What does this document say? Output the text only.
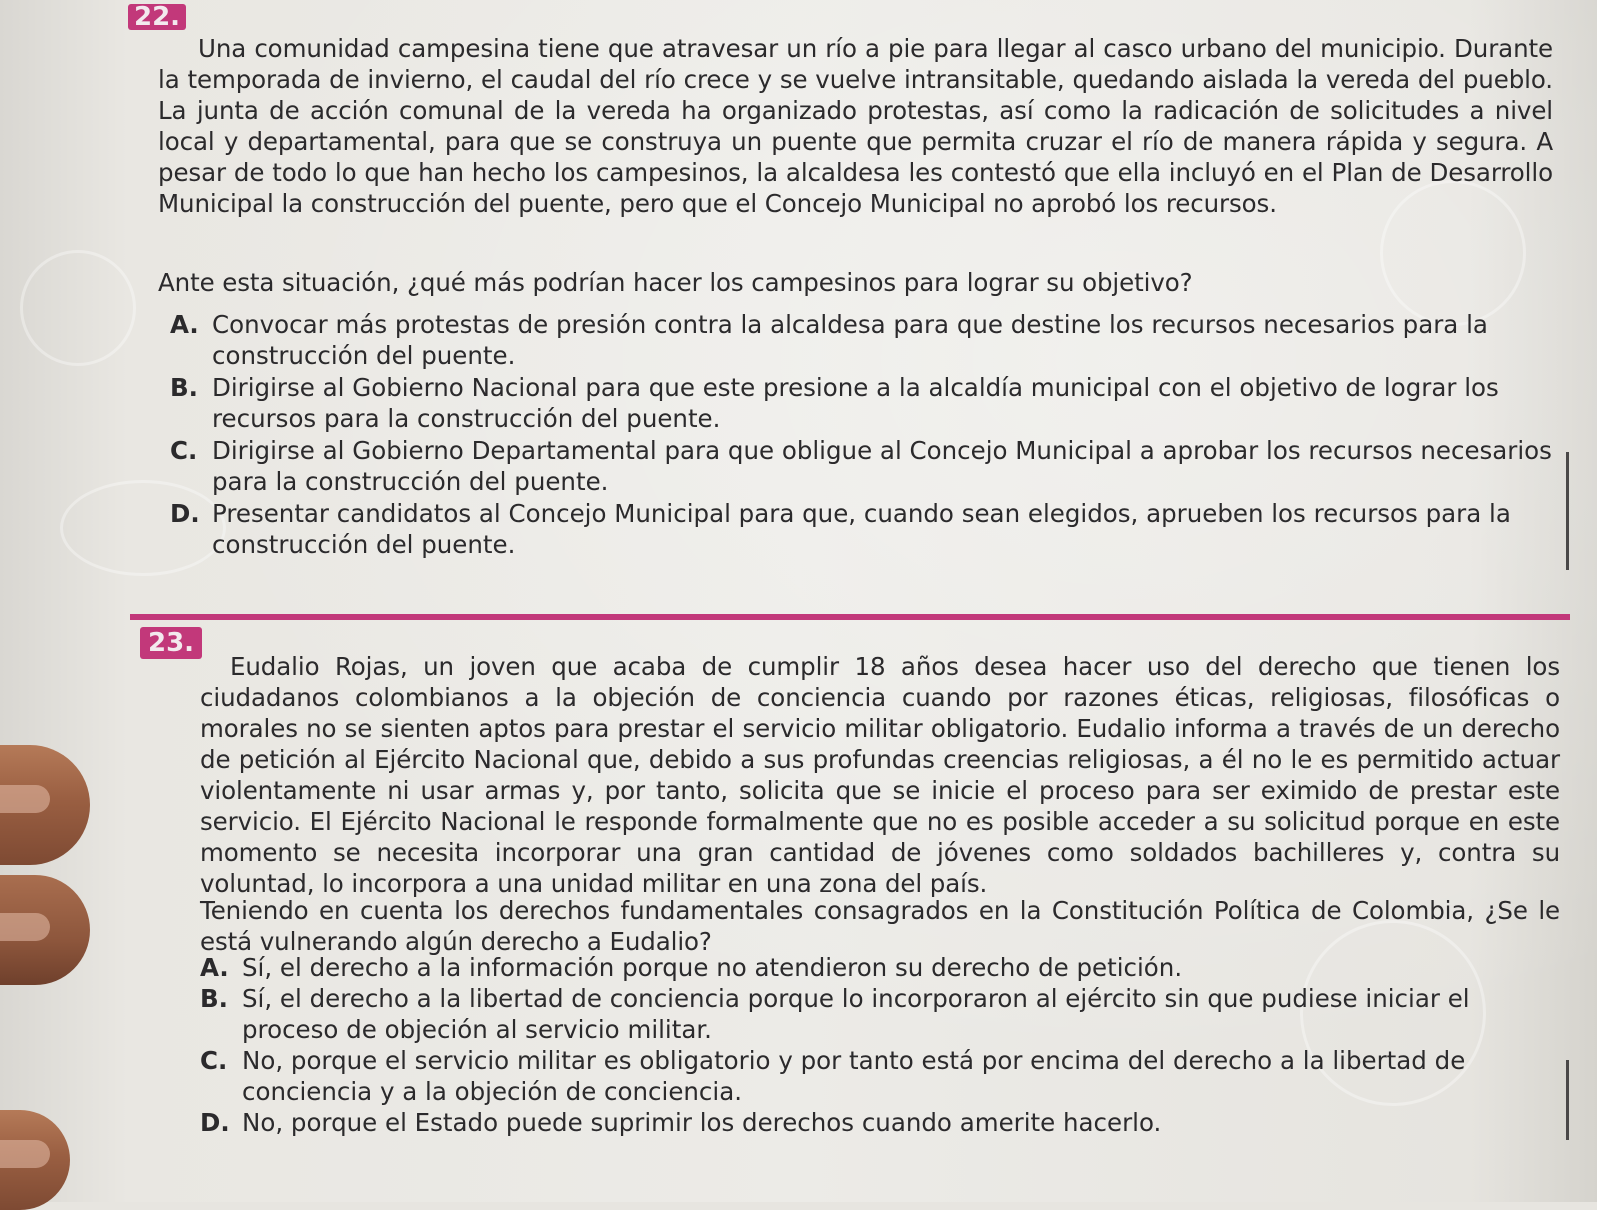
22.

Una comunidad campesina tiene que atravesar un río a pie para llegar al casco urbano del municipio. Durante la temporada de invierno, el caudal del río crece y se vuelve intransitable, quedando aislada la vereda del pueblo. La junta de acción comunal de la vereda ha organizado protestas, así como la radicación de solicitudes a nivel local y departamental, para que se construya un puente que permita cruzar el río de manera rápida y segura. A pesar de todo lo que han hecho los campesinos, la alcaldesa les contestó que ella incluyó en el Plan de Desarrollo Municipal la construcción del puente, pero que el Concejo Municipal no aprobó los recursos.

Ante esta situación, ¿qué más podrían hacer los campesinos para lograr su objetivo?

A. Convocar más protestas de presión contra la alcaldesa para que destine los recursos necesarios para la construcción del puente.
B. Dirigirse al Gobierno Nacional para que este presione a la alcaldía municipal con el objetivo de lograr los recursos para la construcción del puente.
C. Dirigirse al Gobierno Departamental para que obligue al Concejo Municipal a aprobar los recursos necesarios para la construcción del puente.
D. Presentar candidatos al Concejo Municipal para que, cuando sean elegidos, aprueben los recursos para la construcción del puente.
23.

Eudalio Rojas, un joven que acaba de cumplir 18 años desea hacer uso del derecho que tienen los ciudadanos colombianos a la objeción de conciencia cuando por razones éticas, religiosas, filosóficas o morales no se sienten aptos para prestar el servicio militar obligatorio. Eudalio informa a través de un derecho de petición al Ejército Nacional que, debido a sus profundas creencias religiosas, a él no le es permitido actuar violentamente ni usar armas y, por tanto, solicita que se inicie el proceso para ser eximido de prestar este servicio. El Ejército Nacional le responde formalmente que no es posible acceder a su solicitud porque en este momento se necesita incorporar una gran cantidad de jóvenes como soldados bachilleres y, contra su voluntad, lo incorpora a una unidad militar en una zona del país.

Teniendo en cuenta los derechos fundamentales consagrados en la Constitución Política de Colombia, ¿Se le está vulnerando algún derecho a Eudalio?

A. Sí, el derecho a la información porque no atendieron su derecho de petición.
B. Sí, el derecho a la libertad de conciencia porque lo incorporaron al ejército sin que pudiese iniciar el proceso de objeción al servicio militar.
C. No, porque el servicio militar es obligatorio y por tanto está por encima del derecho a la libertad de conciencia y a la objeción de conciencia.
D. No, porque el Estado puede suprimir los derechos cuando amerite hacerlo.
